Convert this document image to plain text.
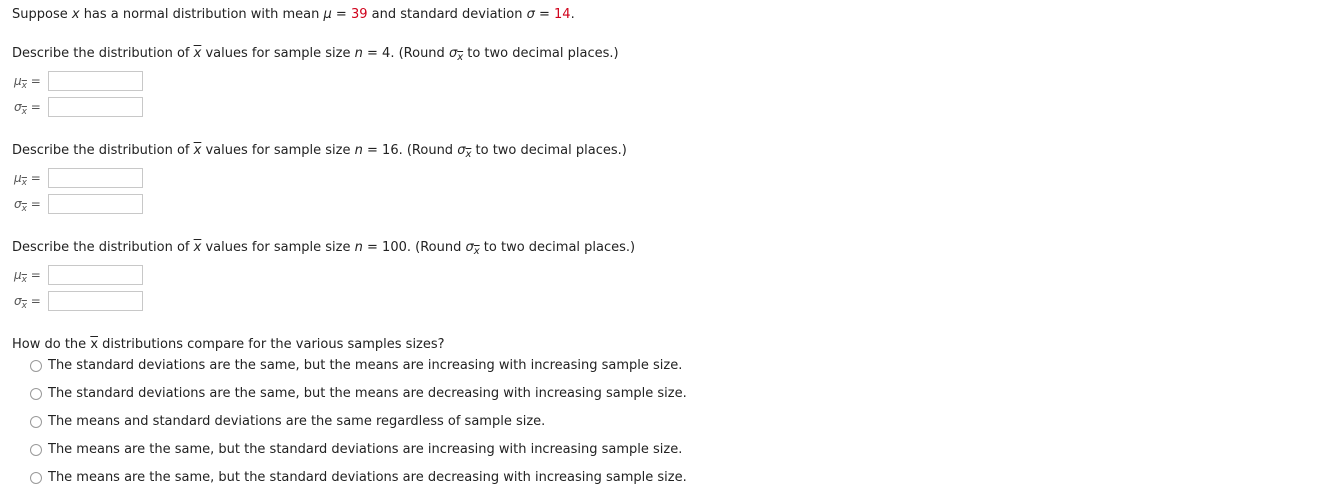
Suppose x has a normal distribution with mean μ = 39 and standard deviation σ = 14.
Describe the distribution of $\overline{x}$ values for sample size n = 4. (Round $\sigma_{\overline{x}}$ to two decimal places.)
$\mu_{\overline{x}}$ =
$\sigma_{\overline{x}}$ =
Describe the distribution of $\overline{x}$ values for sample size n = 16. (Round $\sigma_{\overline{x}}$ to two decimal places.)
$\mu_{\overline{x}}$ =
$\sigma_{\overline{x}}$ =
Describe the distribution of $\overline{x}$ values for sample size n = 100. (Round $\sigma_{\overline{x}}$ to two decimal places.)
$\mu_{\overline{x}}$ =
$\sigma_{\overline{x}}$ =
How do the $\overline{x}$ distributions compare for the various samples sizes?
The standard deviations are the same, but the means are increasing with increasing sample size.
The standard deviations are the same, but the means are decreasing with increasing sample size.
The means and standard deviations are the same regardless of sample size.
The means are the same, but the standard deviations are increasing with increasing sample size.
The means are the same, but the standard deviations are decreasing with increasing sample size.
